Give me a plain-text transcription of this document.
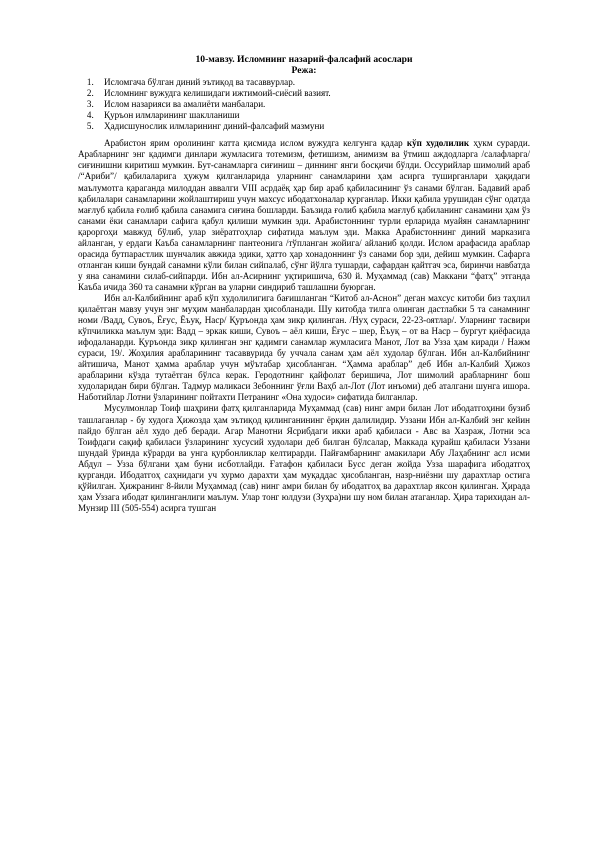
10-мавзу. Исломнинг назарий-фалсафий асослари

Режа:

1. Исломгача бўлган диний эътиқод ва тасаввурлар.
2. Исломнинг вужудга келишидаги ижтимоий-сиёсий вазият.
3. Ислом назарияси ва амалиёти манбалари.
4. Қуръон илмларининг шаклланиши
5. Ҳадисшунослик илмларининг диний-фалсафий мазмуни

Арабистон ярим оролининг катта қисмида ислом вужудга келгунга қадар кўп худолилик ҳукм сурарди. Арабларнинг энг қадимги динлари жумласига тотемизм, фетишизм, анимизм ва ўтмиш аждодларга /салафларга/ сиғинишни киритиш мумкин. Бут-санамларга сиғиниш – диннинг янги босқичи бўлди. Оссурийлар шимолий араб /“Ариби”/ қабилаларига ҳужум қилганларида уларнинг санамларини ҳам асирга туширганлари ҳақидаги маълумотга қараганда милоддан аввалги VIII асрдаёқ ҳар бир араб қабиласининг ўз санами бўлган. Бадавий араб қабилалари санамларини жойлаштириш учун махсус ибодатхоналар қурганлар. Икки қабила урушидан сўнг одатда мағлуб қабила ғолиб қабила санамига сиғина бошларди. Баъзида ғолиб қабила мағлуб қабиланинг санамини ҳам ўз санами ёки санамлари сафига қабул қилиши мумкин эди. Арабистоннинг турли ерларида муайян санамларнинг қароргоҳи мавжуд бўлиб, улар зиёратгоҳлар сифатида маълум эди. Макка Арабистоннинг диний марказига айланган, у ердаги Каъба санамларнинг пантеонига /тўпланган жойига/ айланиб қолди. Ислом арафасида араблар орасида бутпарастлик шунчалик авжида эдики, ҳатто ҳар хонадоннинг ўз санами бор эди, дейиш мумкин. Сафарга отланган киши бундай санамни кўли билан сийпалаб, сўнг йўлга тушарди, сафардан қайтгач эса, биринчи навбатда у яна санамини силаб-сийпарди. Ибн ал-Асирнинг уқтиришича, 630 й. Муҳаммад (сав) Маккани “фатҳ” этганда Каъба ичида 360 та санамни кўрган ва уларни синдириб ташлашни буюрган.

Ибн ал-Калбийнинг араб кўп худолилигига бағишланган “Китоб ал-Аснон” деган махсус китоби биз таҳлил қилаётган мавзу учун энг муҳим манбалардан ҳисобланади. Шу китобда тилга олинган дастлабки 5 та санамнинг номи /Вадд, Сувоъ, Ёғус, Ёъуқ, Наср/ Қуръонда ҳам зикр қилинган. /Нуҳ сураси, 22-23-оятлар/. Уларнинг тасвири кўпчиликка маълум эди: Вадд – эркак киши, Сувоъ – аёл киши, Ёғус – шер, Ёъуқ – от ва Наср – бургут қиёфасида ифодаланарди. Қуръонда зикр қилинган энг қадимги санамлар жумласига Манот, Лот ва Узза ҳам киради / Нажм сураси, 19/. Жоҳилия арабларининг тасаввурида бу уччала санам ҳам аёл худолар бўлган. Ибн ал-Калбийнинг айтишича, Манот ҳамма араблар учун мўътабар ҳисобланган. “Ҳамма араблар” деб Ибн ал-Калбий Ҳижоз арабларини кўзда тутаётган бўлса керак. Геродотнинг қайфолат беришича, Лот шимолий арабларнинг бош худоларидан бири бўлган. Тадмур маликаси Зебоннинг ўғли Ваҳб ал-Лот (Лот инъоми) деб аталгани шунга ишора. Наботийлар Лотни ўзларининг пойтахти Петранинг «Она худоси» сифатида билганлар.

Мусулмонлар Тоиф шаҳрини фатҳ қилганларида Муҳаммад (сав) нинг амри билан Лот ибодатгоҳини бузиб ташлаганлар - бу худога Ҳижозда ҳам эътиқод қилинганининг ёрқин далилидир. Уззани Ибн ал-Калбий энг кейин пайдо бўлган аёл худо деб беради. Агар Манотни Ясрибдаги икки араб қабиласи - Авс ва Хазраж, Лотни эса Тоифдаги сақиф қабиласи ўзларининг хусусий худолари деб билган бўлсалар, Маккада қурайш қабиласи Уззани шундай ўринда кўрарди ва унга қурбонликлар келтирарди. Пайғамбарнинг амакилари Абу Лаҳабнинг асл исми Абдул – Узза бўлгани ҳам буни исботлайди. Ғатафон қабиласи Бусс деган жойда Узза шарафига ибодатгоҳ қурганди. Ибодатгоҳ саҳнидаги уч хурмо дарахти ҳам муқаддас ҳисобланган, назр-ниёзни шу дарахтлар остига қўйилган. Ҳижранинг 8-йили Муҳаммад (сав) нинг амри билан бу ибодатгоҳ ва дарахтлар яксон қилинган. Ҳирада ҳам Уззага ибодат қилинганлиги маълум. Улар тонг юлдузи (Зуҳра)ни шу ном билан атаганлар. Ҳира тарихидан ал-Мунзир III (505-554) асирга тушган
